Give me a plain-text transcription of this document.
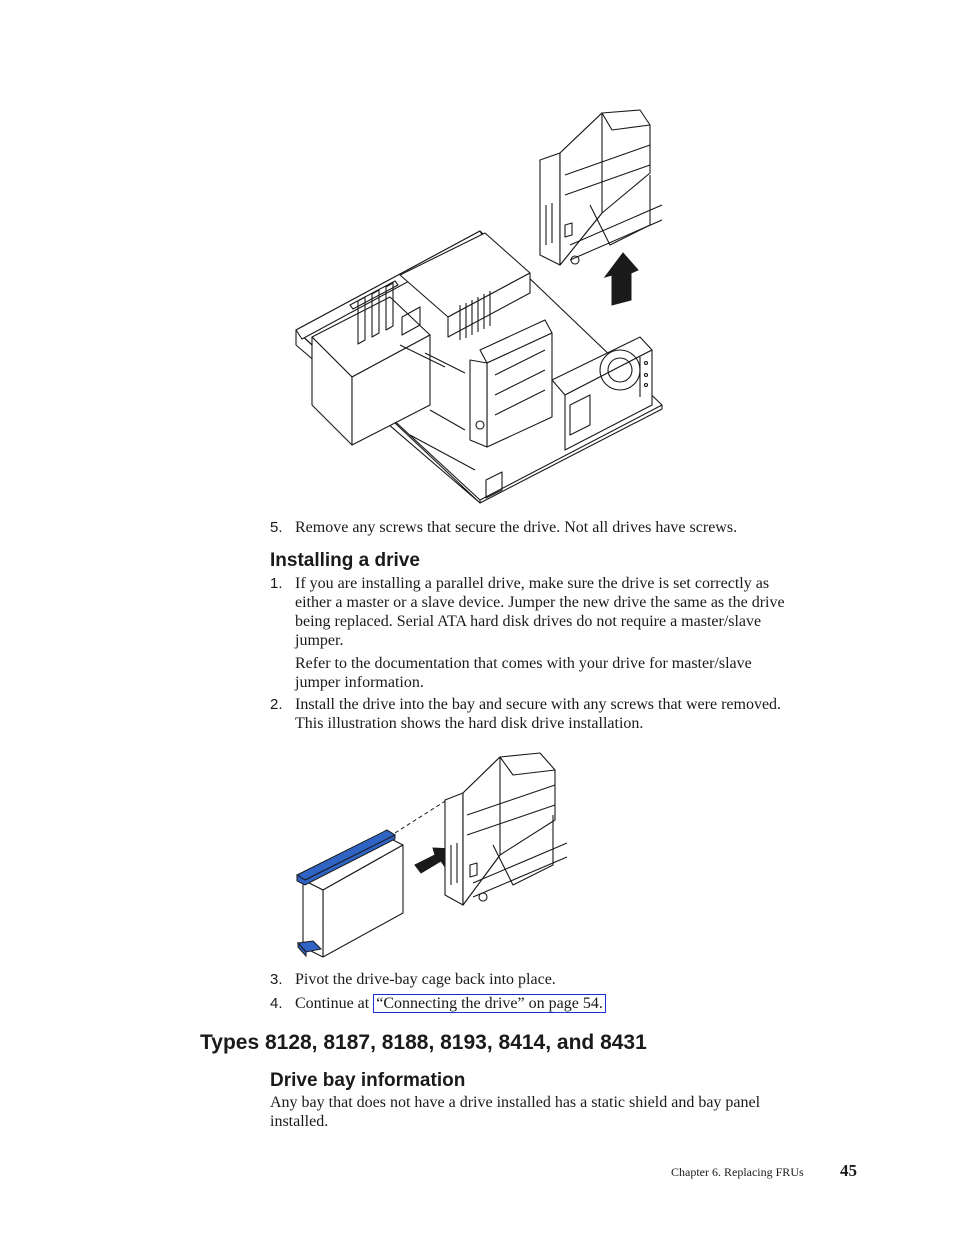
5. Remove any screws that secure the drive. Not all drives have screws.
Installing a drive
1. If you are installing a parallel drive, make sure the drive is set correctly as
either a master or a slave device. Jumper the new drive the same as the drive
being replaced. Serial ATA hard disk drives do not require a master/slave
jumper.
Refer to the documentation that comes with your drive for master/slave
jumper information.
2. Install the drive into the bay and secure with any screws that were removed.
This illustration shows the hard disk drive installation.
3. Pivot the drive-bay cage back into place.
4. Continue at “Connecting the drive” on page 54.
Types 8128, 8187, 8188, 8193, 8414, and 8431
Drive bay information
Any bay that does not have a drive installed has a static shield and bay panel
installed.
Chapter 6. Replacing FRUs 45
